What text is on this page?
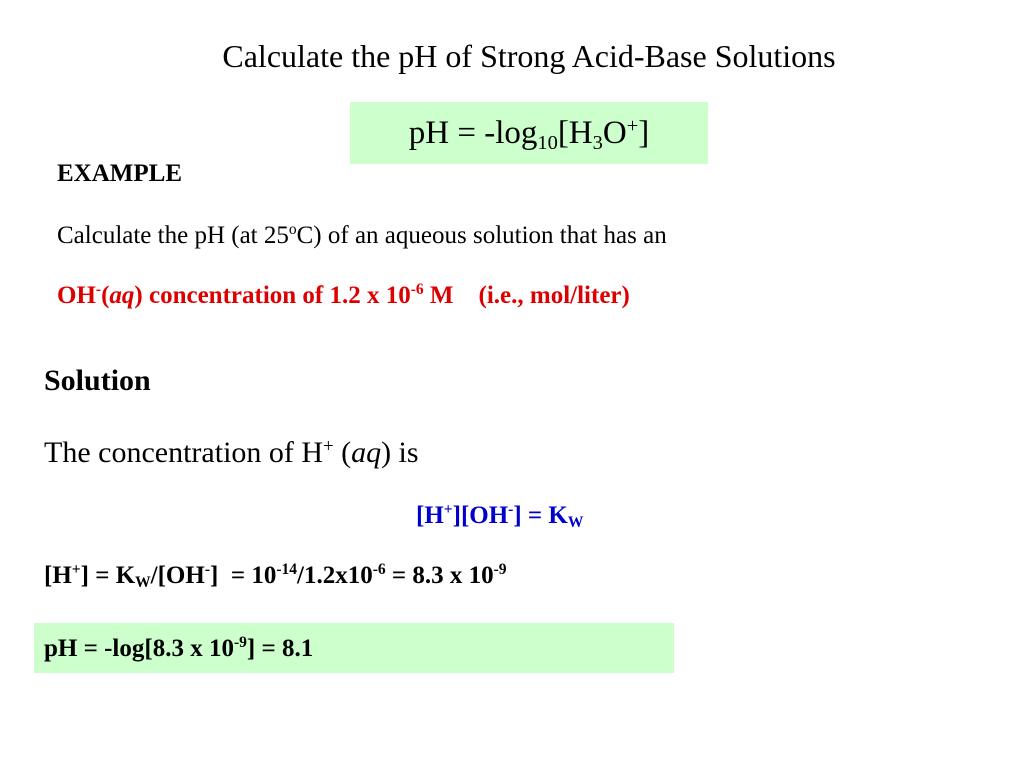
Calculate the pH of Strong Acid-Base Solutions
pH = $-\log_{10}[H_3O^+]$
EXAMPLE
Calculate the pH (at 25$^o$C) of an aqueous solution that has an
OH-(aq) concentration of 1.2 x $10^{-6}$ M    (i.e., mol/liter)
Solution
The concentration of H+ (aq) is
$[H^+][OH^-] = K_W$
$[H^+] = K_W/[OH^-] = 10^{-14}/1.2x10^{-6} = 8.3$ x $10^{-9}$
pH = -log[8.3 x $10^{-9}] = 8.1$
